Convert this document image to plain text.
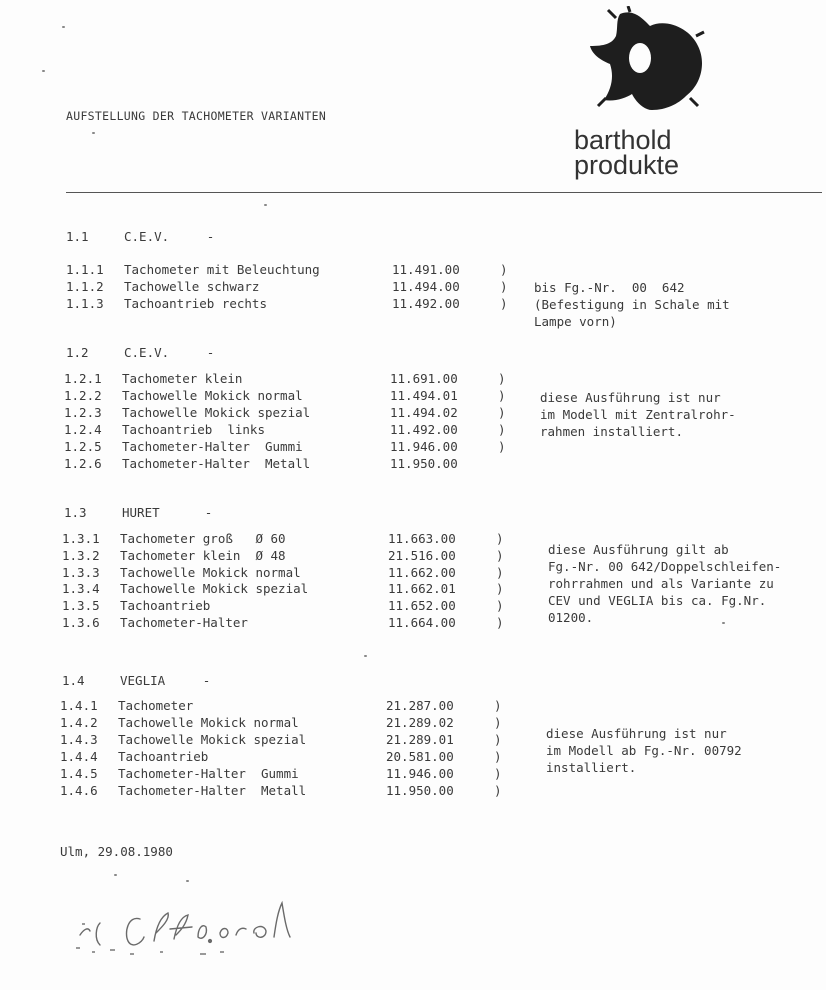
AUFSTELLUNG DER TACHOMETER VARIANTEN
barthold
produkte
1.1	C.E.V.     -
1.1.1 Tachometer mit Beleuchtung	11.491.00	)
1.1.2 Tachowelle schwarz	11.494.00	)
1.1.3 Tachoantrieb rechts	11.492.00	)
bis Fg.-Nr.  00  642
(Befestigung in Schale mit
Lampe vorn)
1.2	C.E.V.     -
1.2.1 Tachometer klein	11.691.00	)
1.2.2 Tachowelle Mokick normal	11.494.01	)
1.2.3 Tachowelle Mokick spezial	11.494.02	)
1.2.4 Tachoantrieb  links	11.492.00	)
1.2.5 Tachometer-Halter  Gummi	11.946.00	)
1.2.6 Tachometer-Halter  Metall	11.950.00
diese Ausführung ist nur
im Modell mit Zentralrohr-
rahmen installiert.
1.3	HURET      -
1.3.1 Tachometer groß   Ø 60	11.663.00	)
1.3.2 Tachometer klein  Ø 48	21.516.00	)
1.3.3 Tachowelle Mokick normal	11.662.00	)
1.3.4 Tachowelle Mokick spezial	11.662.01	)
1.3.5 Tachoantrieb	11.652.00	)
1.3.6 Tachometer-Halter	11.664.00	)
diese Ausführung gilt ab
Fg.-Nr. 00 642/Doppelschleifen-
rohrrahmen und als Variante zu
CEV und VEGLIA bis ca. Fg.Nr.
01200.
1.4	VEGLIA     -
1.4.1 Tachometer	21.287.00	)
1.4.2 Tachowelle Mokick normal	21.289.02	)
1.4.3 Tachowelle Mokick spezial	21.289.01	)
1.4.4 Tachoantrieb	20.581.00	)
1.4.5 Tachometer-Halter  Gummi	11.946.00	)
1.4.6 Tachometer-Halter  Metall	11.950.00	)
diese Ausführung ist nur
im Modell ab Fg.-Nr. 00792
installiert.
Ulm, 29.08.1980
